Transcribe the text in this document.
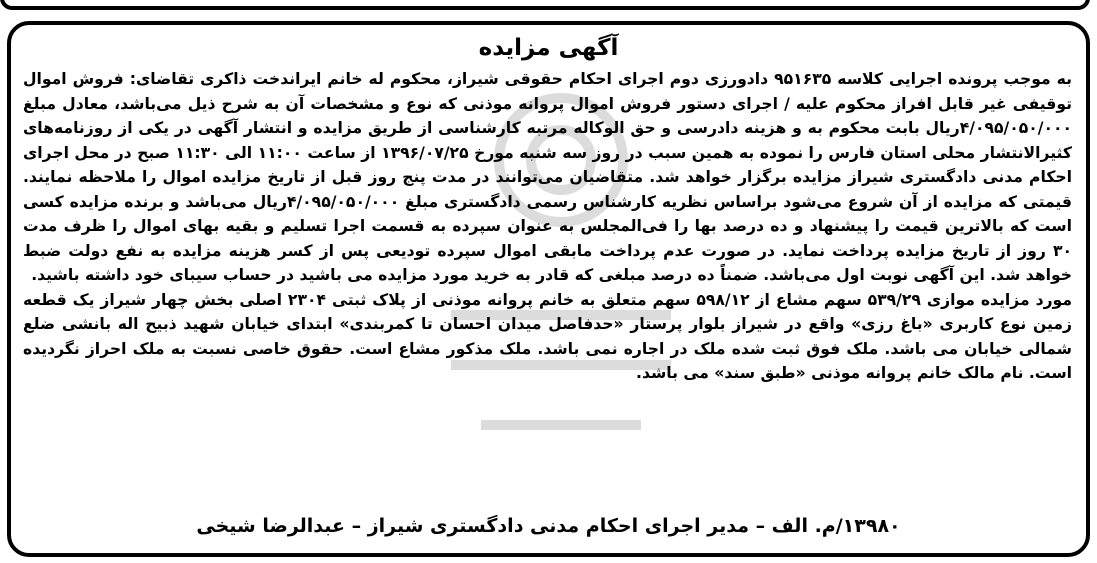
آگهی مزایده

به موجب پرونده اجرایی کلاسه ۹۵۱۶۳۵ دادورزی دوم اجرای احکام حقوقی شیراز، محکوم له خانم ایراندخت ذاکری تقاضای: فروش اموال توقیفی غیر قابل افراز محکوم علیه / اجرای دستور فروش اموال پروانه موذنی که نوع و مشخصات آن به شرح ذیل می‌باشد، معادل مبلغ ۴/۰۹۵/۰۵۰/۰۰۰ریال بابت محکوم به و هزینه دادرسی و حق الوکاله مرتبه کارشناسی از طریق مزایده و انتشار آگهی در یکی از روزنامه‌های کثیرالانتشار محلی استان فارس را نموده به همین سبب در روز سه شنبه مورخ ۱۳۹۶/۰۷/۲۵ از ساعت ۱۱:۰۰ الی ۱۱:۳۰ صبح در محل اجرای احکام مدنی دادگستری شیراز مزایده برگزار خواهد شد. متقاضیان می‌توانند در مدت پنج روز قبل از تاریخ مزایده اموال را ملاحظه نمایند. قیمتی که مزایده از آن شروع می‌شود براساس نظریه کارشناس رسمی دادگستری مبلغ ۴/۰۹۵/۰۵۰/۰۰۰ریال می‌باشد و برنده مزایده کسی است که بالاترین قیمت را پیشنهاد و ده درصد بها را فی‌المجلس به عنوان سپرده به قسمت اجرا تسلیم و بقیه بهای اموال را ظرف مدت ۳۰ روز از تاریخ مزایده پرداخت نماید. در صورت عدم پرداخت مابقی اموال سپرده تودیعی پس از کسر هزینه مزایده به نفع دولت ضبط خواهد شد. این آگهی نوبت اول می‌باشد. ضمناً ده درصد مبلغی که قادر به خرید مورد مزایده می باشید در حساب سیبای خود داشته باشید.

مورد مزایده موازی ۵۳۹/۲۹ سهم مشاع از ۵۹۸/۱۲ سهم متعلق به خانم پروانه موذنی از پلاک ثبتی ۲۳۰۴ اصلی بخش چهار شیراز یک قطعه زمین نوع کاربری «باغ رزی» واقع در شیراز بلوار پرستار «حدفاصل میدان احسان تا کمربندی» ابتدای خیابان شهید ذبیح اله بانشی ضلع شمالی خیابان می باشد. ملک فوق ثبت شده ملک در اجاره نمی باشد. ملک مذکور مشاع است. حقوق خاصی نسبت به ملک احراز نگردیده است. نام مالک خانم پروانه موذنی «طبق سند» می باشد.

۱۳۹۸۰/م. الف – مدیر اجرای احکام مدنی دادگستری شیراز – عبدالرضا شیخی
